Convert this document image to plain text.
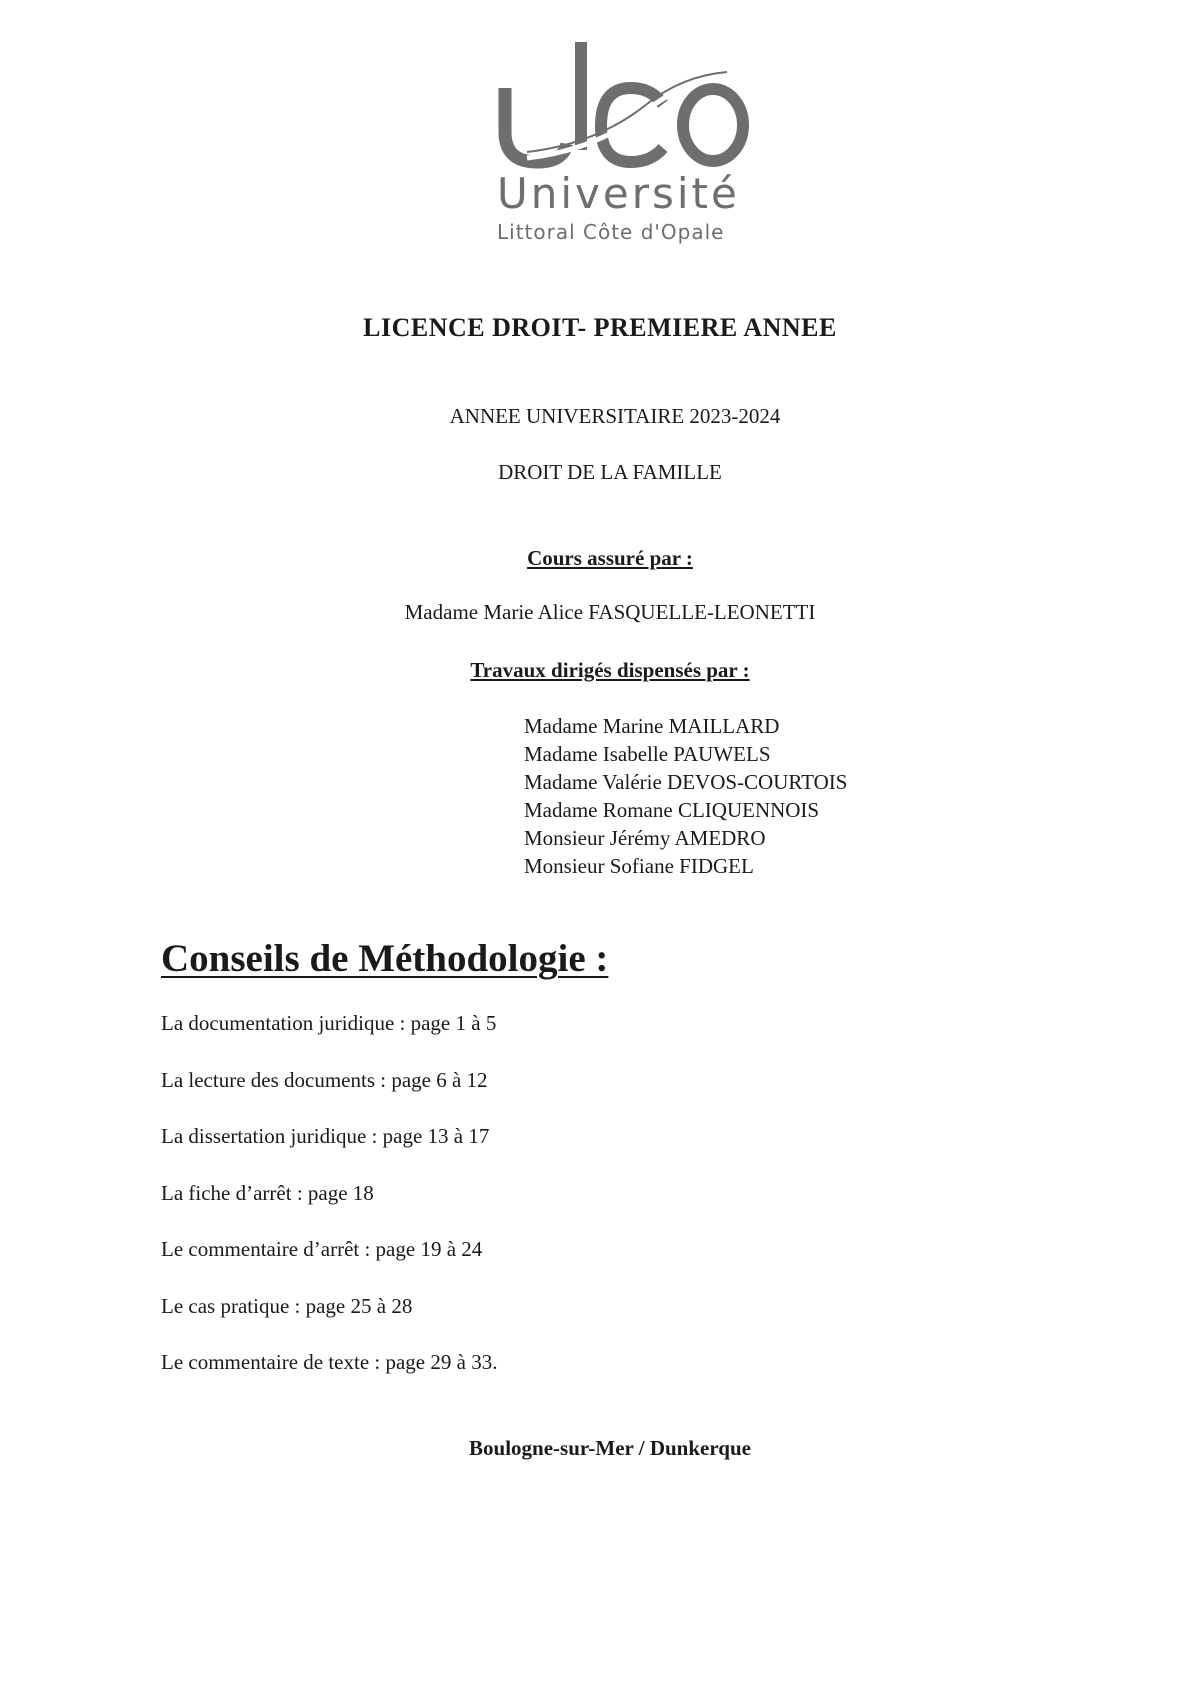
Université
Littoral Côte d'Opale
LICENCE DROIT- PREMIERE ANNEE
ANNEE UNIVERSITAIRE 2023-2024
DROIT DE LA FAMILLE
Cours assuré par :
Madame Marie Alice FASQUELLE-LEONETTI
Travaux dirigés dispensés par :
Madame Marine MAILLARD
Madame Isabelle PAUWELS
Madame Valérie DEVOS-COURTOIS
Madame Romane CLIQUENNOIS
Monsieur Jérémy AMEDRO
Monsieur Sofiane FIDGEL
Conseils de Méthodologie :
La documentation juridique : page 1 à 5
La lecture des documents : page 6 à 12
La dissertation juridique : page 13 à 17
La fiche d’arrêt : page 18
Le commentaire d’arrêt : page 19 à 24
Le cas pratique : page 25 à 28
Le commentaire de texte : page 29 à 33.
Boulogne-sur-Mer / Dunkerque
